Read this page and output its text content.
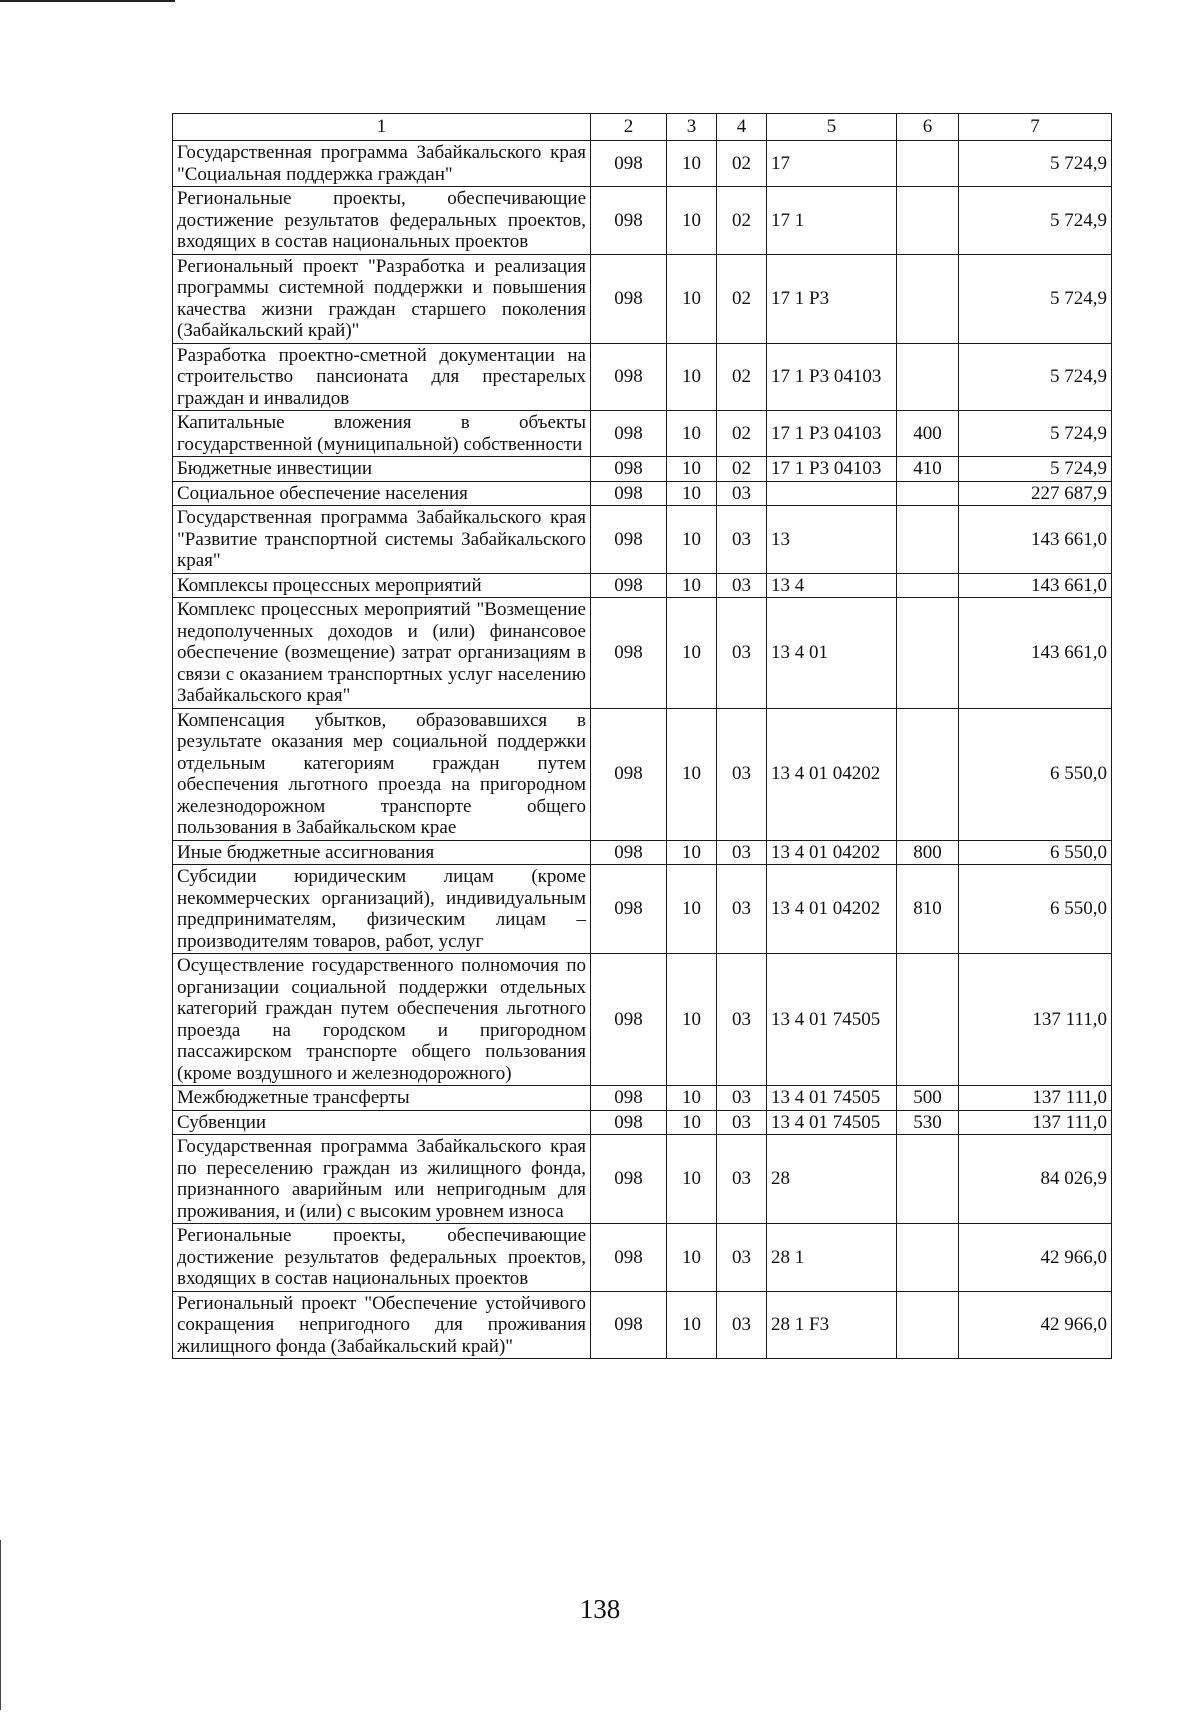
1	2	3	4	5	6	7
Государственная программа Забайкальского края "Социальная поддержка граждан"	098	10	02	17		5 724,9
Региональные проекты, обеспечивающие достижение результатов федеральных проектов, входящих в состав национальных проектов	098	10	02	17 1		5 724,9
Региональный проект "Разработка и реализация программы системной поддержки и повышения качества жизни граждан старшего поколения (Забайкальский край)"	098	10	02	17 1 P3		5 724,9
Разработка проектно-сметной документации на строительство пансионата для престарелых граждан и инвалидов	098	10	02	17 1 P3 04103		5 724,9
Капитальные вложения в объекты государственной (муниципальной) собственности	098	10	02	17 1 P3 04103	400	5 724,9
Бюджетные инвестиции	098	10	02	17 1 P3 04103	410	5 724,9
Социальное обеспечение населения	098	10	03			227 687,9
Государственная программа Забайкальского края "Развитие транспортной системы Забайкальского края"	098	10	03	13		143 661,0
Комплексы процессных мероприятий	098	10	03	13 4		143 661,0
Комплекс процессных мероприятий "Возмещение недополученных доходов и (или) финансовое обеспечение (возмещение) затрат организациям в связи с оказанием транспортных услуг населению Забайкальского края"	098	10	03	13 4 01		143 661,0
Компенсация убытков, образовавшихся в результате оказания мер социальной поддержки отдельным категориям граждан путем обеспечения льготного проезда на пригородном железнодорожном транспорте общего пользования в Забайкальском крае	098	10	03	13 4 01 04202		6 550,0
Иные бюджетные ассигнования	098	10	03	13 4 01 04202	800	6 550,0
Субсидии юридическим лицам (кроме некоммерческих организаций), индивидуальным предпринимателям, физическим лицам – производителям товаров, работ, услуг	098	10	03	13 4 01 04202	810	6 550,0
Осуществление государственного полномочия по организации социальной поддержки отдельных категорий граждан путем обеспечения льготного проезда на городском и пригородном пассажирском транспорте общего пользования (кроме воздушного и железнодорожного)	098	10	03	13 4 01 74505		137 111,0
Межбюджетные трансферты	098	10	03	13 4 01 74505	500	137 111,0
Субвенции	098	10	03	13 4 01 74505	530	137 111,0
Государственная программа Забайкальского края по переселению граждан из жилищного фонда, признанного аварийным или непригодным для проживания, и (или) с высоким уровнем износа	098	10	03	28		84 026,9
Региональные проекты, обеспечивающие достижение результатов федеральных проектов, входящих в состав национальных проектов	098	10	03	28 1		42 966,0
Региональный проект "Обеспечение устойчивого сокращения непригодного для проживания жилищного фонда (Забайкальский край)"	098	10	03	28 1 F3		42 966,0
138
